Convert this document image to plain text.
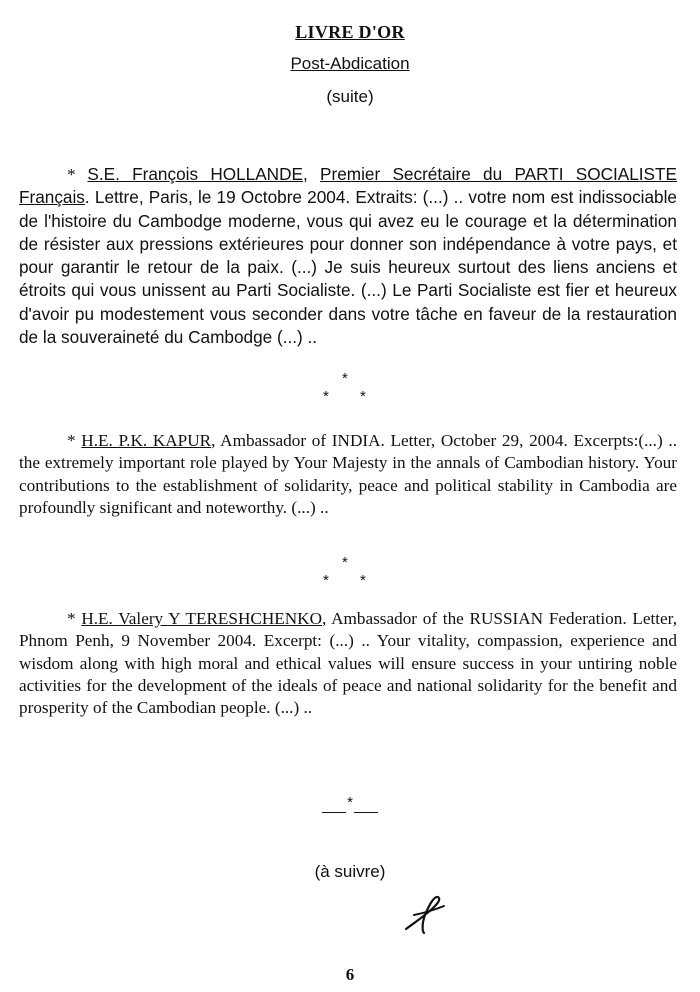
LIVRE D'OR
Post-Abdication
(suite)
* S.E. François HOLLANDE, Premier Secrétaire du PARTI SOCIALISTE Français. Lettre, Paris, le 19 Octobre 2004. Extraits: (...) .. votre nom est indissociable de l'histoire du Cambodge moderne, vous qui avez eu le courage et la détermination de résister aux pressions extérieures pour donner son indépendance à votre pays, et pour garantir le retour de la paix. (...) Je suis heureux surtout des liens anciens et étroits qui vous unissent au Parti Socialiste. (...) Le Parti Socialiste est fier et heureux d'avoir pu modestement vous seconder dans votre tâche en faveur de la restauration de la souveraineté du Cambodge (...) ..
*
* *
* H.E. P.K. KAPUR, Ambassador of INDIA. Letter, October 29, 2004. Excerpts:(...) .. the extremely important role played by Your Majesty in the annals of Cambodian history. Your contributions to the establishment of solidarity, peace and political stability in Cambodia are profoundly significant and noteworthy. (...) ..
*
* *
* H.E. Valery Y TERESHCHENKO, Ambassador of the RUSSIAN Federation. Letter, Phnom Penh, 9 November 2004. Excerpt: (...) .. Your vitality, compassion, experience and wisdom along with high moral and ethical values will ensure success in your untiring noble activities for the development of the ideals of peace and national solidarity for the benefit and prosperity of the Cambodian people. (...) ..
*
(à suivre)
6
